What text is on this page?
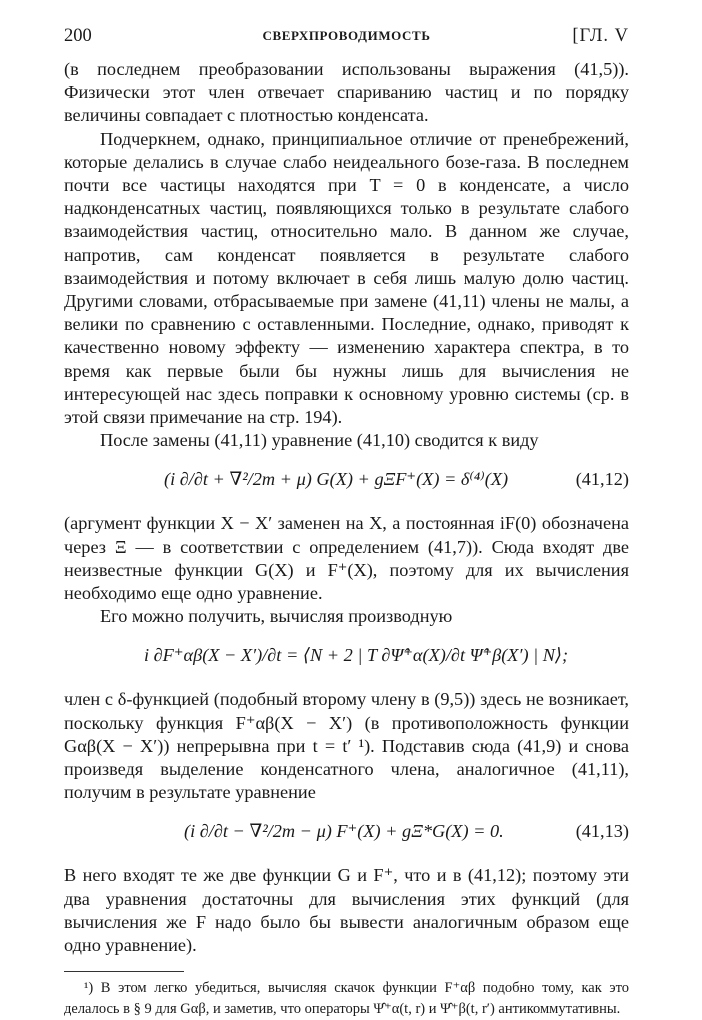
200	СВЕРХПРОВОДИМОСТЬ	[ГЛ. V

(в последнем преобразовании использованы выражения (41,5)). Физически этот член отвечает спариванию частиц и по порядку величины совпадает с плотностью конденсата.

Подчеркнем, однако, принципиальное отличие от пренебрежений, которые делались в случае слабо неидеального бозе-газа. В последнем почти все частицы находятся при T = 0 в конденсате, а число надконденсатных частиц, появляющихся только в результате слабого взаимодействия частиц, относительно мало. В данном же случае, напротив, сам конденсат появляется в результате слабого взаимодействия и потому включает в себя лишь малую долю частиц. Другими словами, отбрасываемые при замене (41,11) члены не малы, а велики по сравнению с оставленными. Последние, однако, приводят к качественно новому эффекту — изменению характера спектра, в то время как первые были бы нужны лишь для вычисления не интересующей нас здесь поправки к основному уровню системы (ср. в этой связи примечание на стр. 194).

После замены (41,11) уравнение (41,10) сводится к виду

(i ∂/∂t + ∇²/2m + μ) G(X) + gΞF⁺(X) = δ⁽⁴⁾(X)	(41,12)

(аргумент функции X − X′ заменен на X, а постоянная iF(0) обозначена через Ξ — в соответствии с определением (41,7)). Сюда входят две неизвестные функции G(X) и F⁺(X), поэтому для их вычисления необходимо еще одно уравнение.

Его можно получить, вычисляя производную

i ∂F⁺αβ(X − X′)/∂t = ⟨N + 2 | T ∂Ψ̂⁺α(X)/∂t Ψ̂⁺β(X′) | N⟩;

член с δ-функцией (подобный второму члену в (9,5)) здесь не возникает, поскольку функция F⁺αβ(X − X′) (в противоположность функции Gαβ(X − X′)) непрерывна при t = t′ ¹). Подставив сюда (41,9) и снова произведя выделение конденсатного члена, аналогичное (41,11), получим в результате уравнение

(i ∂/∂t − ∇²/2m − μ) F⁺(X) + gΞ*G(X) = 0.	(41,13)

В него входят те же две функции G и F⁺, что и в (41,12); поэтому эти два уравнения достаточны для вычисления этих функций (для вычисления же F надо было бы вывести аналогичным образом еще одно уравнение).

¹) В этом легко убедиться, вычисляя скачок функции F⁺αβ подобно тому, как это делалось в § 9 для Gαβ, и заметив, что операторы Ψ̂⁺α(t, r) и Ψ̂⁺β(t, r′) антикоммутативны.
